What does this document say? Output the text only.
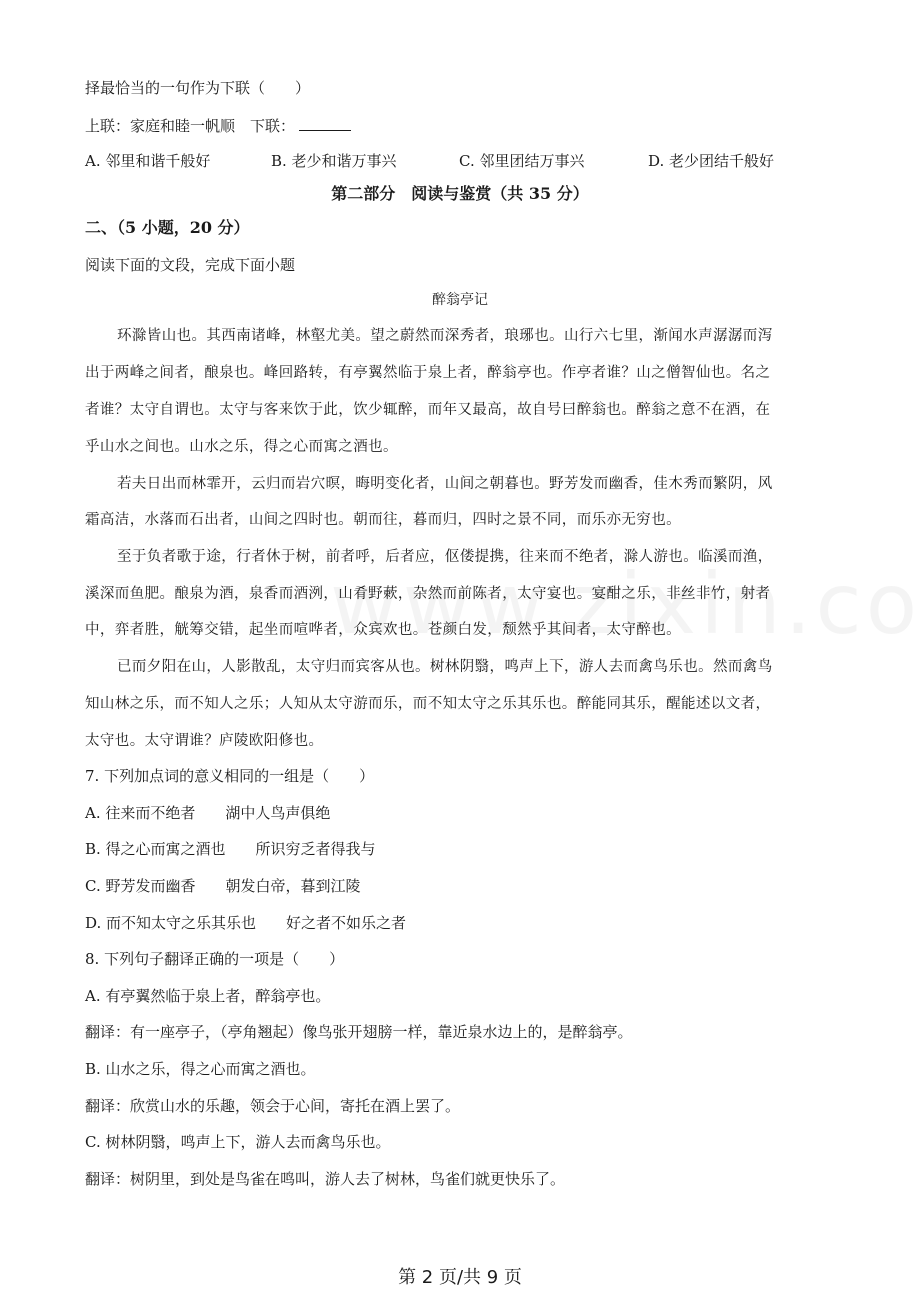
择最恰当的一句作为下联（　　）
上联：家庭和睦一帆顺　下联：
A. 邻里和谐千般好	B. 老少和谐万事兴	C. 邻里团结万事兴	D. 老少团结千般好
第二部分　阅读与鉴赏（共 35 分）
二、（5 小题，20 分）
阅读下面的文段，完成下面小题
醉翁亭记
环滁皆山也。其西南诸峰，林壑尤美。望之蔚然而深秀者，琅琊也。山行六七里，渐闻水声潺潺而泻
出于两峰之间者，酿泉也。峰回路转，有亭翼然临于泉上者，醉翁亭也。作亭者谁？山之僧智仙也。名之
者谁？太守自谓也。太守与客来饮于此，饮少辄醉，而年又最高，故自号曰醉翁也。醉翁之意不在酒，在
乎山水之间也。山水之乐，得之心而寓之酒也。
若夫日出而林霏开，云归而岩穴暝，晦明变化者，山间之朝暮也。野芳发而幽香，佳木秀而繁阴，风
霜高洁，水落而石出者，山间之四时也。朝而往，暮而归，四时之景不同，而乐亦无穷也。
至于负者歌于途，行者休于树，前者呼，后者应，伛偻提携，往来而不绝者，滁人游也。临溪而渔，
溪深而鱼肥。酿泉为酒，泉香而酒洌，山肴野蔌，杂然而前陈者，太守宴也。宴酣之乐，非丝非竹，射者
中，弈者胜，觥筹交错，起坐而喧哗者，众宾欢也。苍颜白发，颓然乎其间者，太守醉也。
已而夕阳在山，人影散乱，太守归而宾客从也。树林阴翳，鸣声上下，游人去而禽鸟乐也。然而禽鸟
知山林之乐，而不知人之乐；人知从太守游而乐，而不知太守之乐其乐也。醉能同其乐，醒能述以文者，
太守也。太守谓谁？庐陵欧阳修也。
7. 下列加点词的意义相同的一组是（　　）
A. 往来而不绝者　　湖中人鸟声俱绝
B. 得之心而寓之酒也　　所识穷乏者得我与
C. 野芳发而幽香　　朝发白帝，暮到江陵
D. 而不知太守之乐其乐也　　好之者不如乐之者
8. 下列句子翻译正确的一项是（　　）
A. 有亭翼然临于泉上者，醉翁亭也。
翻译：有一座亭子，（亭角翘起）像鸟张开翅膀一样，靠近泉水边上的，是醉翁亭。
B. 山水之乐，得之心而寓之酒也。
翻译：欣赏山水的乐趣，领会于心间，寄托在酒上罢了。
C. 树林阴翳，鸣声上下，游人去而禽鸟乐也。
翻译：树阴里，到处是鸟雀在鸣叫，游人去了树林，鸟雀们就更快乐了。
第 2 页/共 9 页
